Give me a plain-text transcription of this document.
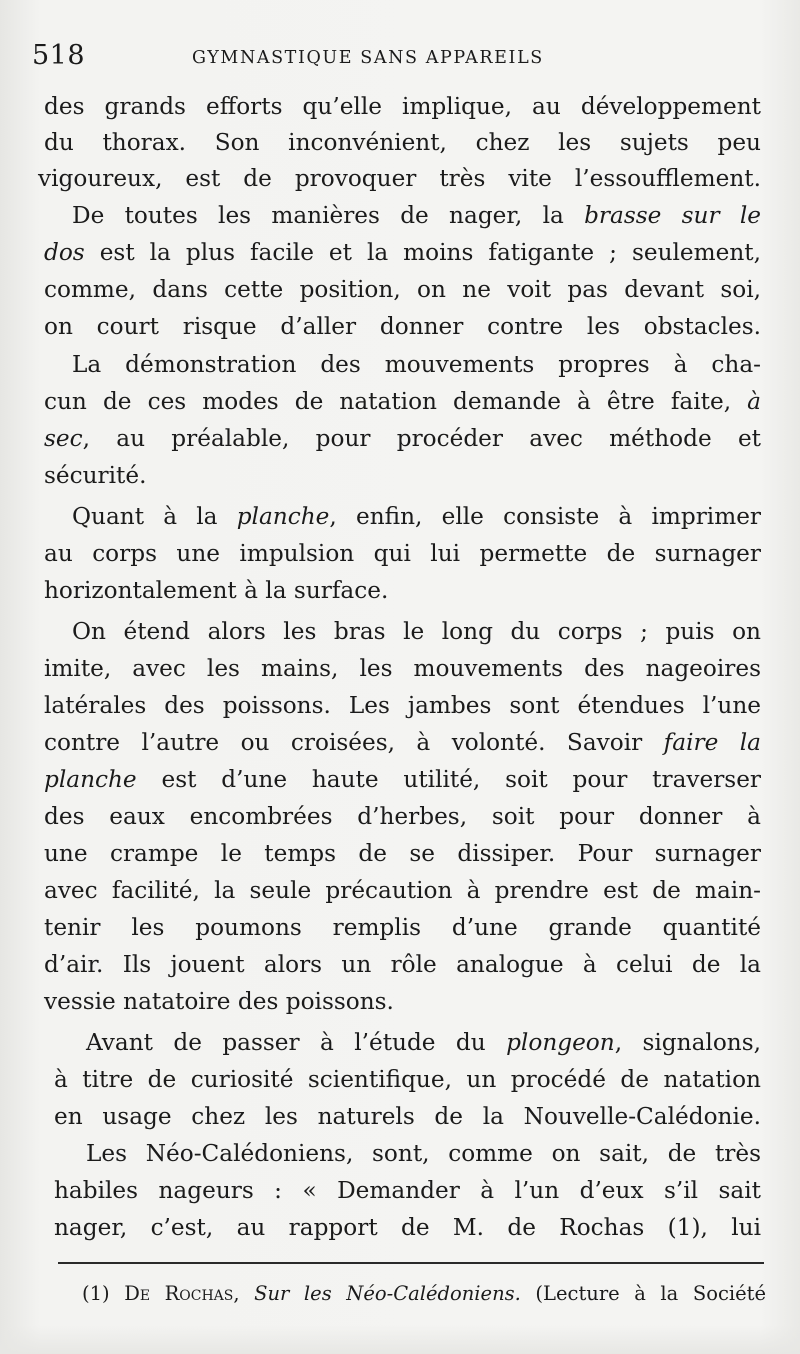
518	GYMNASTIQUE SANS APPAREILS
des grands efforts qu’elle implique, au développement
du thorax. Son inconvénient, chez les sujets peu
vigoureux, est de provoquer très vite l’essoufflement.
De toutes les manières de nager, la brasse sur le
dos est la plus facile et la moins fatigante ; seulement,
comme, dans cette position, on ne voit pas devant soi,
on court risque d’aller donner contre les obstacles.
La démonstration des mouvements propres à cha-
cun de ces modes de natation demande à être faite, à
sec, au préalable, pour procéder avec méthode et
sécurité.
Quant à la planche, enfin, elle consiste à imprimer
au corps une impulsion qui lui permette de surnager
horizontalement à la surface.
On étend alors les bras le long du corps ; puis on
imite, avec les mains, les mouvements des nageoires
latérales des poissons. Les jambes sont étendues l’une
contre l’autre ou croisées, à volonté. Savoir faire la
planche est d’une haute utilité, soit pour traverser
des eaux encombrées d’herbes, soit pour donner à
une crampe le temps de se dissiper. Pour surnager
avec facilité, la seule précaution à prendre est de main-
tenir les poumons remplis d’une grande quantité
d’air. Ils jouent alors un rôle analogue à celui de la
vessie natatoire des poissons.
Avant de passer à l’étude du plongeon, signalons,
à titre de curiosité scientifique, un procédé de natation
en usage chez les naturels de la Nouvelle-Calédonie.
Les Néo-Calédoniens, sont, comme on sait, de très
habiles nageurs : « Demander à l’un d’eux s’il sait
nager, c’est, au rapport de M. de Rochas (1), lui
(1) De Rochas, Sur les Néo-Calédoniens. (Lecture à la Société
